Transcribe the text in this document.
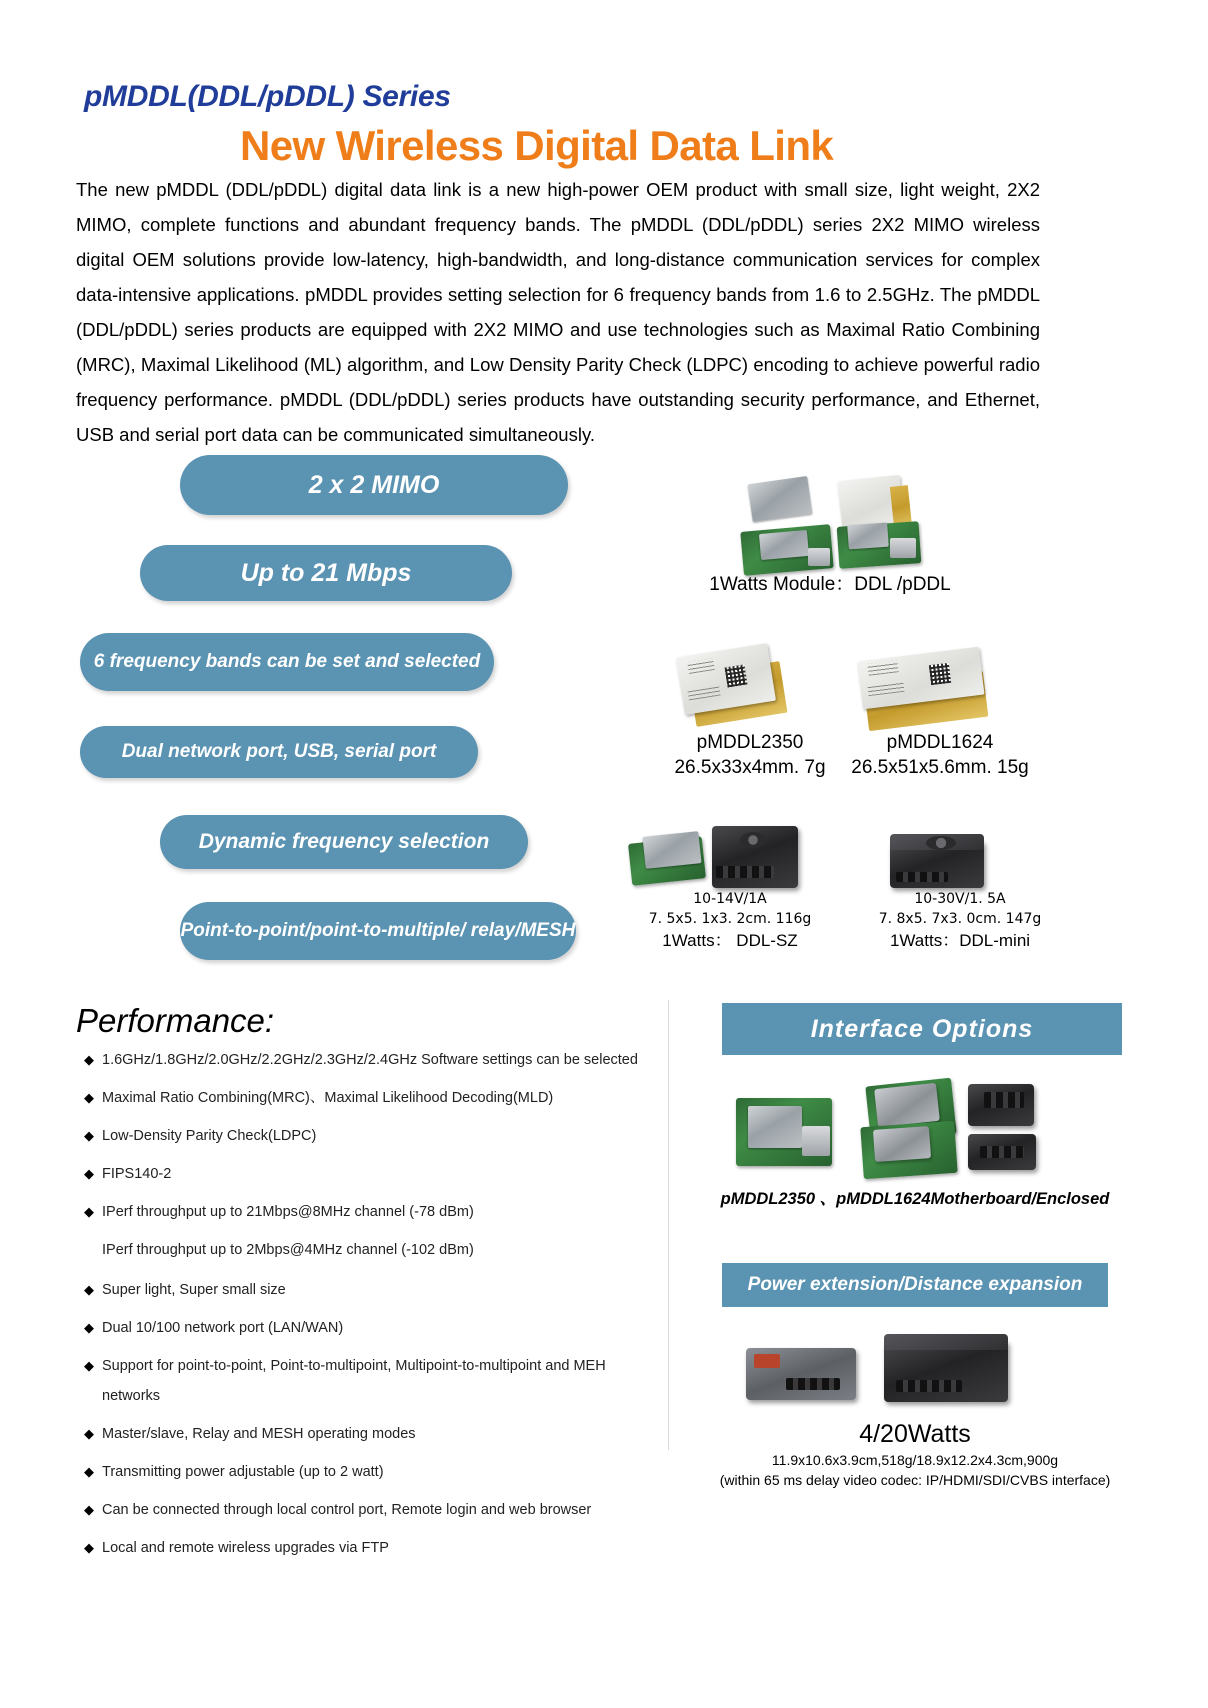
pMDDL(DDL/pDDL) Series
New Wireless Digital Data Link
The new pMDDL (DDL/pDDL) digital data link is a new high-power OEM product with small size, light weight, 2X2 MIMO, complete functions and abundant frequency bands. The pMDDL (DDL/pDDL) series 2X2 MIMO wireless digital OEM solutions provide low-latency, high-bandwidth, and long-distance communication services for complex data-intensive applications. pMDDL provides setting selection for 6 frequency bands from 1.6 to 2.5GHz. The pMDDL (DDL/pDDL) series products are equipped with 2X2 MIMO and use technologies such as Maximal Ratio Combining (MRC), Maximal Likelihood (ML) algorithm, and Low Density Parity Check (LDPC) encoding to achieve powerful radio frequency performance. pMDDL (DDL/pDDL) series products have outstanding security performance, and Ethernet, USB and serial port data can be communicated simultaneously.
2 x 2 MIMO
Up to 21 Mbps
6 frequency bands can be set and selected
Dual network port, USB, serial port
Dynamic frequency selection
Point-to-point/point-to-multiple/ relay/MESH
1Watts Module：DDL /pDDL
pMDDL2350
26.5x33x4mm. 7g
pMDDL1624
26.5x51x5.6mm. 15g
10-14V/1A
7. 5x5. 1x3. 2cm. 116g
1Watts： DDL-SZ
10-30V/1. 5A
7. 8x5. 7x3. 0cm. 147g
1Watts：DDL-mini
Performance:
◆ 1.6GHz/1.8GHz/2.0GHz/2.2GHz/2.3GHz/2.4GHz Software settings can be selected
◆ Maximal Ratio Combining(MRC)、Maximal Likelihood Decoding(MLD)
◆ Low-Density Parity Check(LDPC)
◆ FIPS140-2
◆ IPerf throughput up to 21Mbps@8MHz channel (-78 dBm)
IPerf throughput up to 2Mbps@4MHz channel (-102 dBm)
◆ Super light, Super small size
◆ Dual 10/100 network port (LAN/WAN)
◆ Support for point-to-point, Point-to-multipoint, Multipoint-to-multipoint and MEH networks
◆ Master/slave, Relay and MESH operating modes
◆ Transmitting power adjustable (up to 2 watt)
◆ Can be connected through local control port, Remote login and web browser
◆ Local and remote wireless upgrades via FTP
Interface Options
pMDDL2350 、pMDDL1624Motherboard/Enclosed
Power extension/Distance expansion
4/20Watts
11.9x10.6x3.9cm,518g/18.9x12.2x4.3cm,900g
(within 65 ms delay video codec: IP/HDMI/SDI/CVBS interface)
